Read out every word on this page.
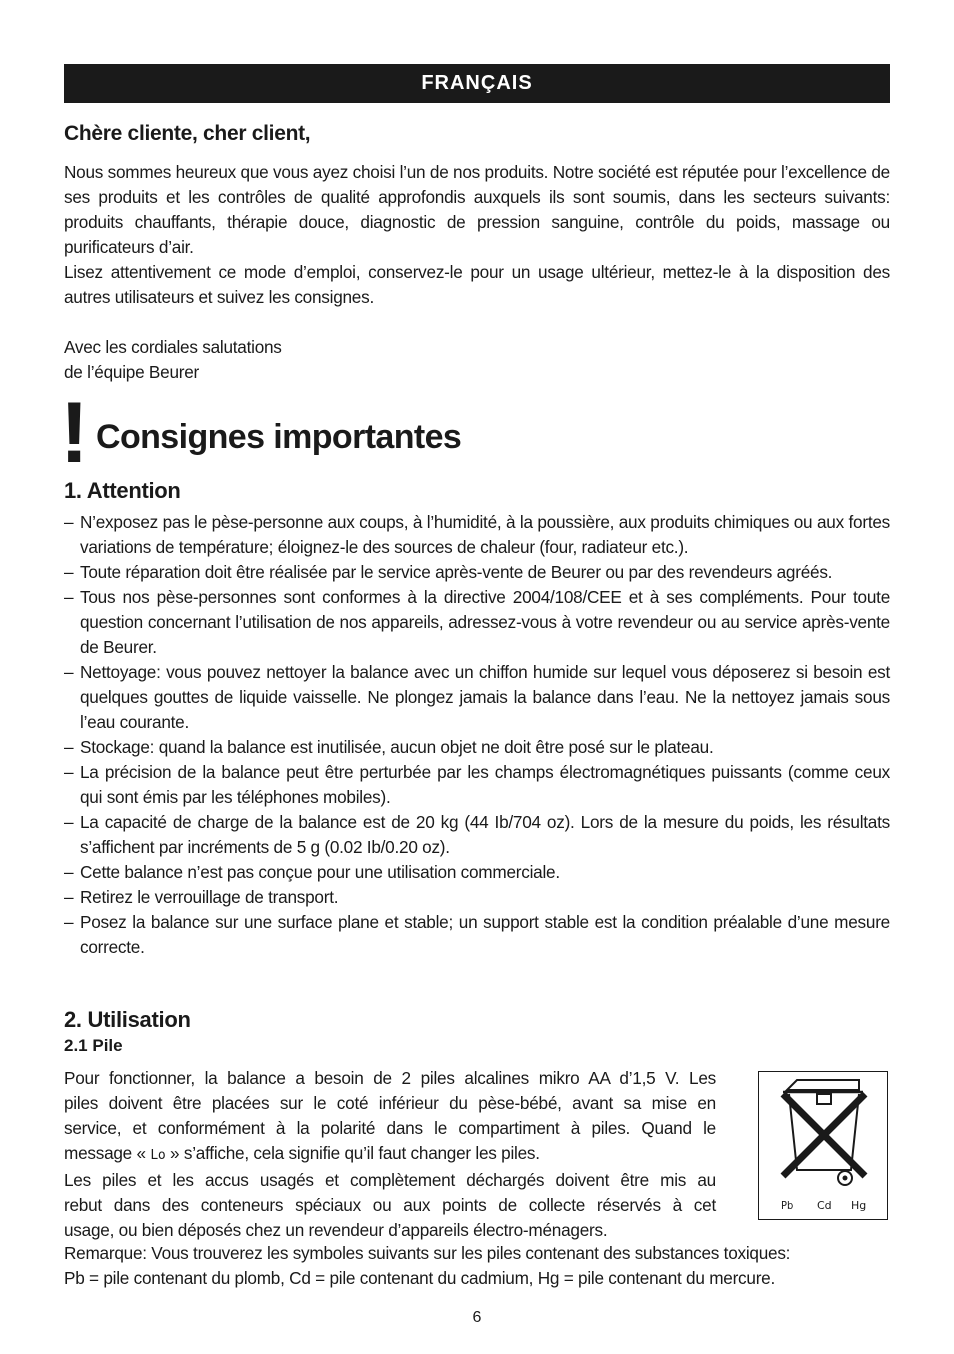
FRANÇAIS
Chère cliente, cher client,
Nous sommes heureux que vous ayez choisi l’un de nos produits. Notre société est réputée pour l’excellence de ses produits et les contrôles de qualité approfondis auxquels ils sont soumis, dans les secteurs suivants: produits chauffants, thérapie douce, diagnostic de pression sanguine, contrôle du poids, massage ou purificateurs d’air.
Lisez attentivement ce mode d’emploi, conservez-le pour un usage ultérieur, mettez-le à la disposition des autres utilisateurs et suivez les consignes.
Avec les cordiales salutations
de l’équipe Beurer
! Consignes importantes
1. Attention
– N’exposez pas le pèse-personne aux coups, à l’humidité, à la poussière, aux produits chimiques ou aux fortes variations de température; éloignez-le des sources de chaleur (four, radiateur etc.).
– Toute réparation doit être réalisée par le service après-vente de Beurer ou par des revendeurs agréés.
– Tous nos pèse-personnes sont conformes à la directive 2004/108/CEE et à ses compléments. Pour toute question concernant l’utilisation de nos appareils, adressez-vous à votre revendeur ou au service après-vente de Beurer.
– Nettoyage: vous pouvez nettoyer la balance avec un chiffon humide sur lequel vous déposerez si besoin est quelques gouttes de liquide vaisselle. Ne plongez jamais la balance dans l’eau. Ne la nettoyez jamais sous l’eau courante.
– Stockage: quand la balance est inutilisée, aucun objet ne doit être posé sur le plateau.
– La précision de la balance peut être perturbée par les champs électromagnétiques puissants (comme ceux qui sont émis par les téléphones mobiles).
– La capacité de charge de la balance est de 20 kg (44 Ib/704 oz). Lors de la mesure du poids, les résultats s’affichent par incréments de 5 g (0.02 Ib/0.20 oz).
– Cette balance n’est pas conçue pour une utilisation commerciale.
– Retirez le verrouillage de transport.
– Posez la balance sur une surface plane et stable; un support stable est la condition préalable d’une mesure correcte.
2. Utilisation
2.1 Pile
Pour fonctionner, la balance a besoin de 2 piles alcalines mikro AA d’1,5 V. Les
piles doivent être placées sur le coté inférieur du pèse-bébé, avant sa mise en
service, et conformément à la polarité dans le compartiment à piles. Quand le
message « Lo » s’affiche, cela signifie qu’il faut changer les piles.
Les piles et les accus usagés et complètement déchargés doivent être mis au
rebut dans des conteneurs spéciaux ou aux points de collecte réservés à cet
usage, ou bien déposés chez un revendeur d’appareils électro-ménagers.
Remarque: Vous trouverez les symboles suivants sur les piles contenant des substances toxiques:
Pb = pile contenant du plomb, Cd = pile contenant du cadmium, Hg = pile contenant du mercure.
Pb Cd Hg
6
